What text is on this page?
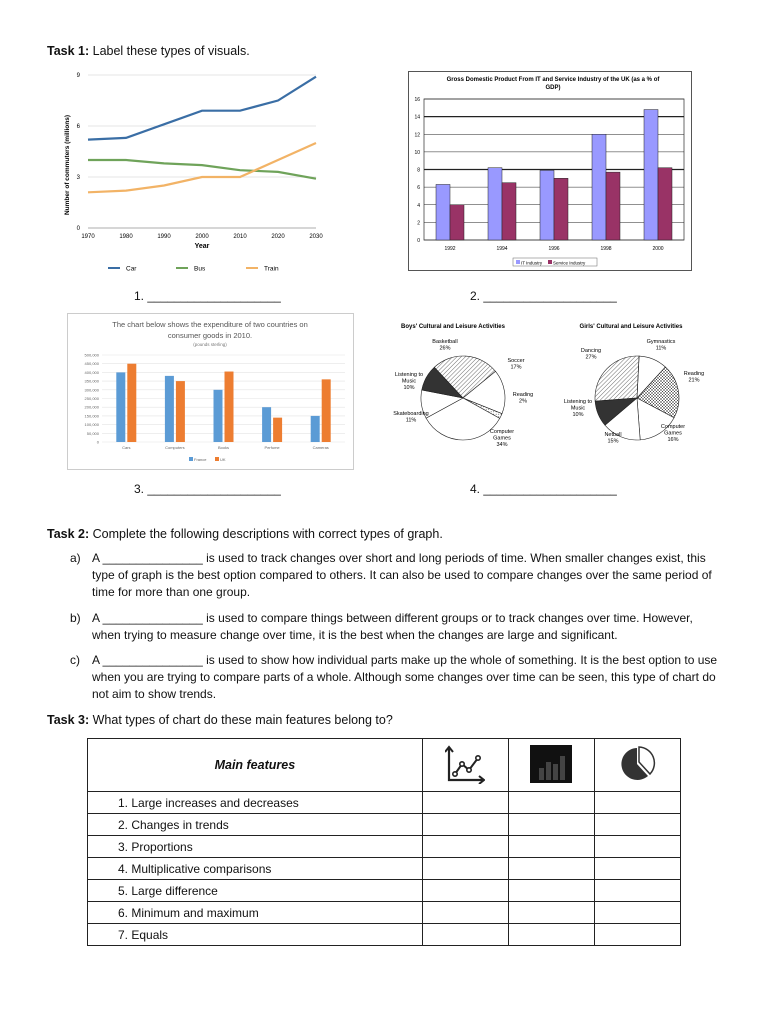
Task 1: Label these types of visuals.
0
3
6
9
1970	1980	1990	2000	2010	2020	2030
Number of commuters (millions)
Year
Car	Bus	Train
Gross Domestic Product From IT and Service Industry of the UK (as a % of
GDP)
0
2
4
6
8
10
12
14
16
1992	1994	1996	1998	2000
IT Industry Service Industry
The chart below shows the expenditure of two countries on
consumer goods in 2010.
(pounds sterling)
0
50,000
100,000
150,000
200,000
250,000
300,000
350,000
400,000
450,000
500,000
Cars	Computers	Books	Perfume	Cameras
France	UK
Boys' Cultural and Leisure Activities	Girls' Cultural and Leisure Activities
Basketball
26%
Soccer
17%
Reading
2%
Computer
Games
34%
Skateboarding
11%
Listening to
Music
10%
Gymnastics
11%
Reading
21%
Computer
Games
16%
Netball
15%
Listening to
Music
10%
Dancing
27%
1. ____________________	2. ____________________
3. ____________________	4. ____________________
Task 2: Complete the following descriptions with correct types of graph.
a) A _______________ is used to track changes over short and long periods of time. When smaller changes exist, this type of graph is the best option compared to others. It can also be used to compare changes over the same period of time for more than one group.
b) A _______________ is used to compare things between different groups or to track changes over time. However, when trying to measure change over time, it is the best when the changes are large and significant.
c) A _______________ is used to show how individual parts make up the whole of something. It is the best option to use when you are trying to compare parts of a whole. Although some changes over time can be seen, this type of chart do not aim to show trends.
Task 3: What types of chart do these main features belong to?
Main features			
1. Large increases and decreases			
2. Changes in trends			
3. Proportions			
4. Multiplicative comparisons			
5. Large difference			
6. Minimum and maximum			
7. Equals			
